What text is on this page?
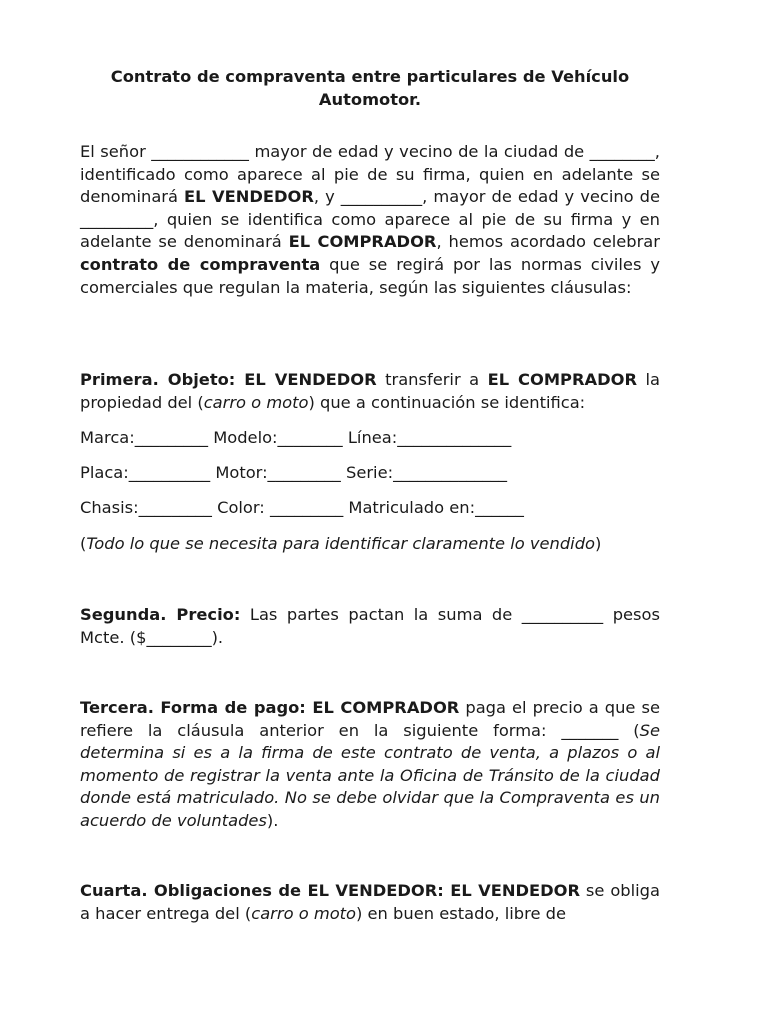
Contrato de compraventa entre particulares de Vehículo
Automotor.

El señor ____________ mayor de edad y vecino de la ciudad de ________, identificado como aparece al pie de su firma, quien en adelante se denominará EL VENDEDOR, y __________, mayor de edad y vecino de _________, quien se identifica como aparece al pie de su firma y en adelante se denominará EL COMPRADOR, hemos acordado celebrar contrato de compraventa que se regirá por las normas civiles y comerciales que regulan la materia, según las siguientes cláusulas:

Primera. Objeto: EL VENDEDOR transferir a EL COMPRADOR la propiedad del (carro o moto) que a continuación se identifica:

Marca:_________ Modelo:________ Línea:______________

Placa:__________ Motor:_________ Serie:______________

Chasis:_________ Color: _________ Matriculado en:______

(Todo lo que se necesita para identificar claramente lo vendido)

Segunda. Precio: Las partes pactan la suma de __________ pesos Mcte. ($________).

Tercera. Forma de pago: EL COMPRADOR paga el precio a que se refiere la cláusula anterior en la siguiente forma: _______ (Se determina si es a la firma de este contrato de venta, a plazos o al momento de registrar la venta ante la Oficina de Tránsito de la ciudad donde está matriculado. No se debe olvidar que la Compraventa es un acuerdo de voluntades).

Cuarta. Obligaciones de EL VENDEDOR: EL VENDEDOR se obliga a hacer entrega del (carro o moto) en buen estado, libre de
